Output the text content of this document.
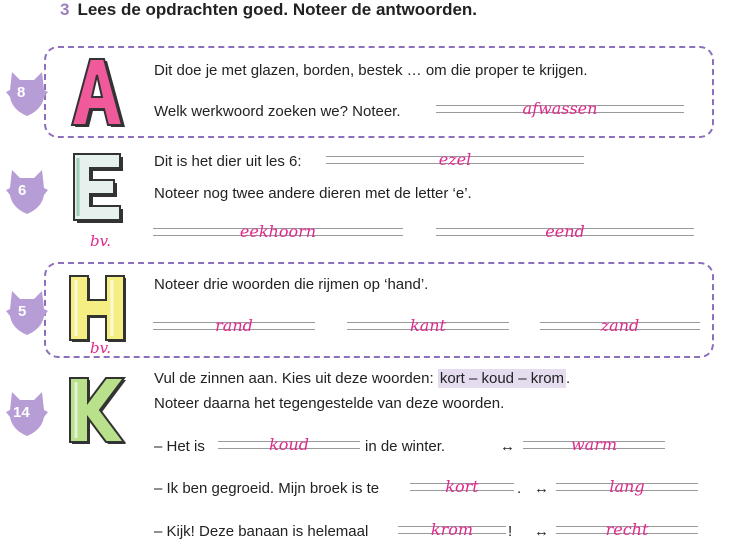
3 Lees de opdrachten goed. Noteer de antwoorden.
8
Dit doe je met glazen, borden, bestek … om die proper te krijgen.
Welk werkwoord zoeken we? Noteer.	afwassen
6
bv.
Dit is het dier uit les 6:	ezel
Noteer nog twee andere dieren met de letter ‘e’.
eekhoorn	eend
5
bv.
Noteer drie woorden die rijmen op ‘hand’.
rand	kant	zand
14
Vul de zinnen aan. Kies uit deze woorden: kort – koud – krom .
Noteer daarna het tegengestelde van deze woorden.
– Het is	koud	in de winter.	↔	warm
– Ik ben gegroeid. Mijn broek is te	kort	. ↔	lang
– Kijk! Deze banaan is helemaal	krom	! ↔	recht
